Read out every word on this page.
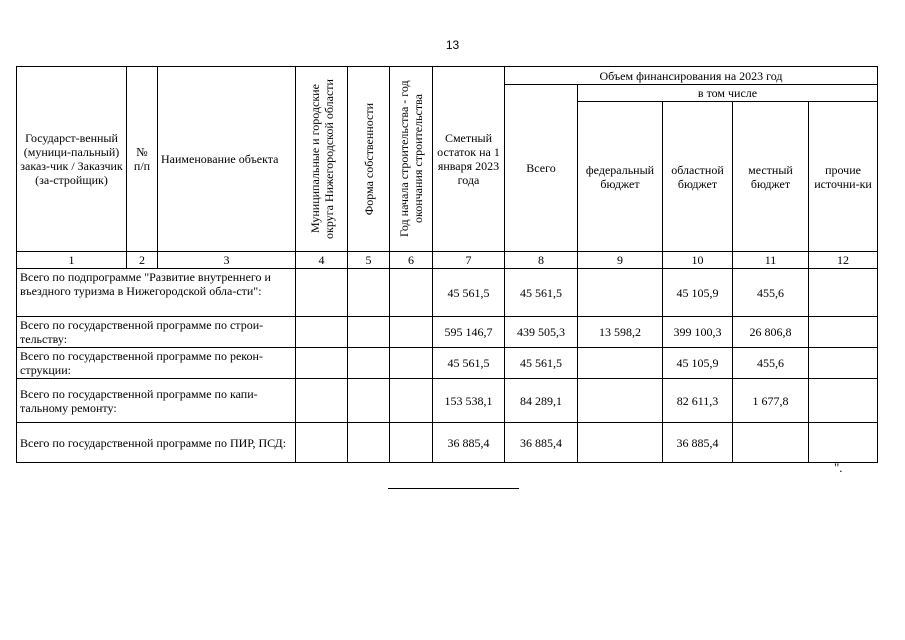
13
Государст-венный (муници-пальный) заказ-чик / Заказчик (за-стройщик)	№ п/п	Наименование объекта	Муниципальные и городские округа Нижегородской области	Форма собственности	Год начала строительства - год окончания строительства	Сметный остаток на 1 января 2023 года	Объем финансирования на 2023 год				
							Всего	в том числе			
								федеральный бюджет	областной бюджет	местный бюджет	прочие источни-ки
1	2	3	4	5	6	7	8	9	10	11	12
Всего по подпрограмме "Развитие внутреннего и въездного туризма в Нижегородской обла-сти":						45 561,5	45 561,5		45 105,9	455,6	
Всего по государственной программе по строи-тельству:						595 146,7	439 505,3	13 598,2	399 100,3	26 806,8	
Всего по государственной программе по рекон-струкции:						45 561,5	45 561,5		45 105,9	455,6	
Всего по государственной программе по капи-тальному ремонту:						153 538,1	84 289,1		82 611,3	1 677,8	
Всего по государственной программе по ПИР, ПСД:						36 885,4	36 885,4		36 885,4		
".
